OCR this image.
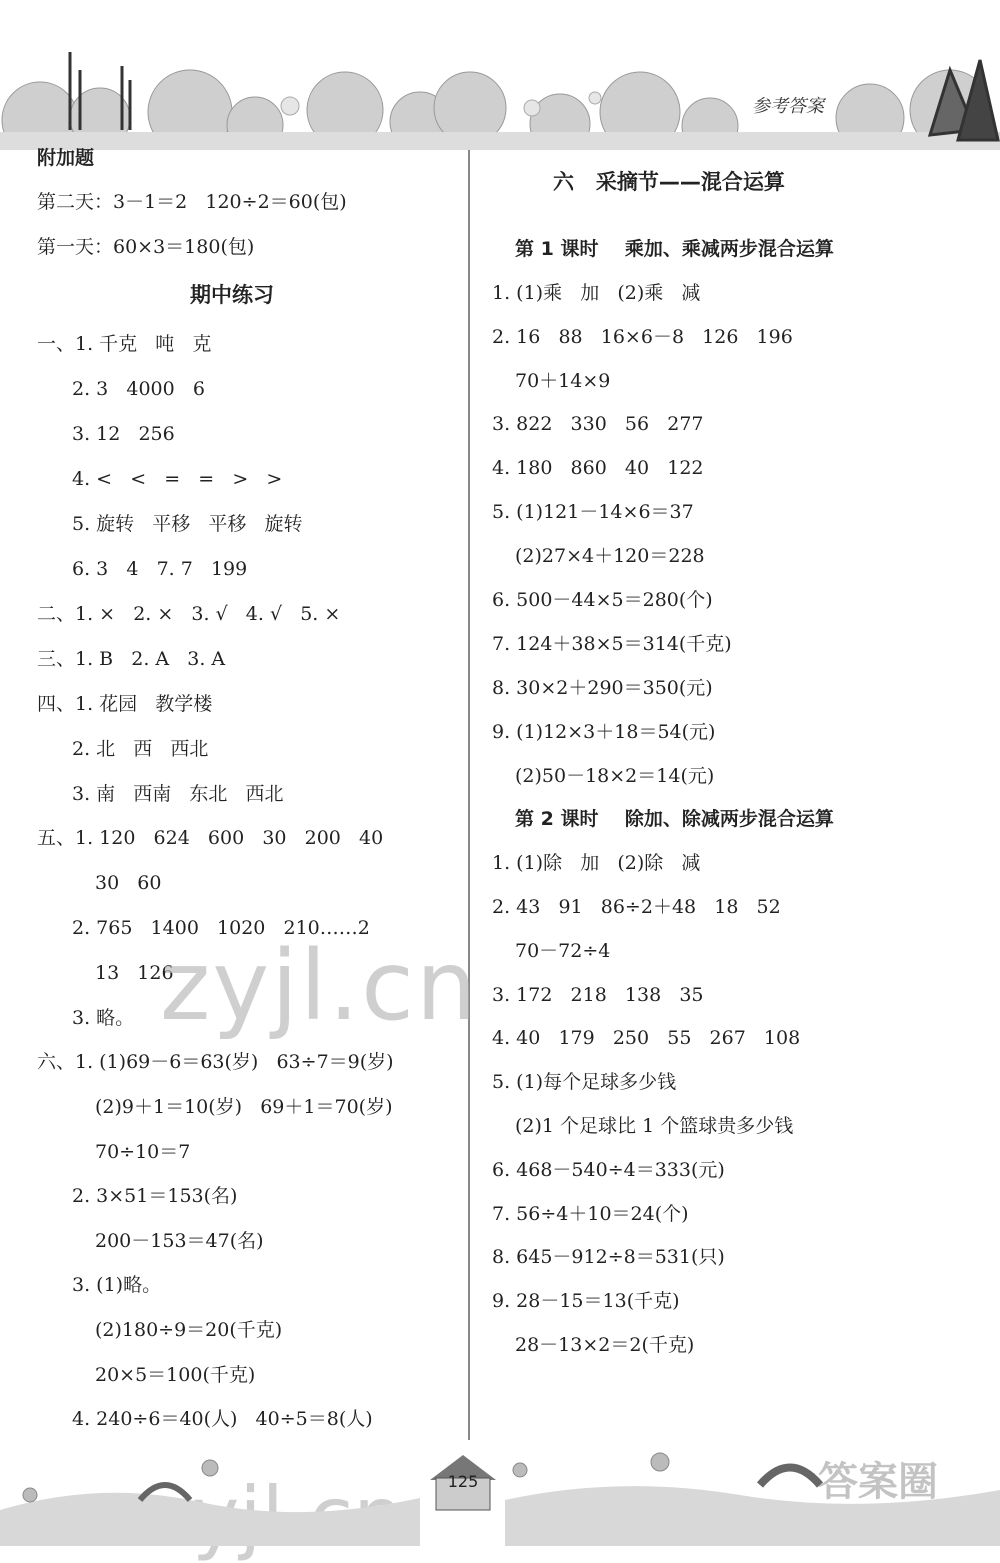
参考答案
附加题
第二天：3－1＝2   120÷2＝60(包)
第一天：60×3＝180(包)
期中练习
一、1. 千克   吨   克
2. 3   4000   6
3. 12   256
4. <   <   =   =   >   >
5. 旋转   平移   平移   旋转
6. 3   4   7. 7   199
二、1. ×   2. ×   3. √   4. √   5. ×
三、1. B   2. A   3. A
四、1. 花园   教学楼
2. 北   西   西北
3. 南   西南   东北   西北
五、1. 120   624   600   30   200   40
30   60
2. 765   1400   1020   210……2
13   126
3. 略。
六、1. (1)69－6＝63(岁)   63÷7＝9(岁)
(2)9＋1＝10(岁)   69＋1＝70(岁)
70÷10＝7
2. 3×51＝153(名)
200－153＝47(名)
3. (1)略。
(2)180÷9＝20(千克)
20×5＝100(千克)
4. 240÷6＝40(人)   40÷5＝8(人)
六   采摘节——混合运算
第 1 课时    乘加、乘减两步混合运算
1. (1)乘   加   (2)乘   减
2. 16   88   16×6－8   126   196
70＋14×9
3. 822   330   56   277
4. 180   860   40   122
5. (1)121－14×6＝37
(2)27×4＋120＝228
6. 500－44×5＝280(个)
7. 124＋38×5＝314(千克)
8. 30×2＋290＝350(元)
9. (1)12×3＋18＝54(元)
(2)50－18×2＝14(元)
第 2 课时    除加、除减两步混合运算
1. (1)除   加   (2)除   减
2. 43   91   86÷2＋48   18   52
70－72÷4
3. 172   218   138   35
4. 40   179   250   55   267   108
5. (1)每个足球多少钱
(2)1 个足球比 1 个篮球贵多少钱
6. 468－540÷4＝333(元)
7. 56÷4＋10＝24(个)
8. 645－912÷8＝531(只)
9. 28－15＝13(千克)
28－13×2＝2(千克)
zyjl.cn
答案圈
125
